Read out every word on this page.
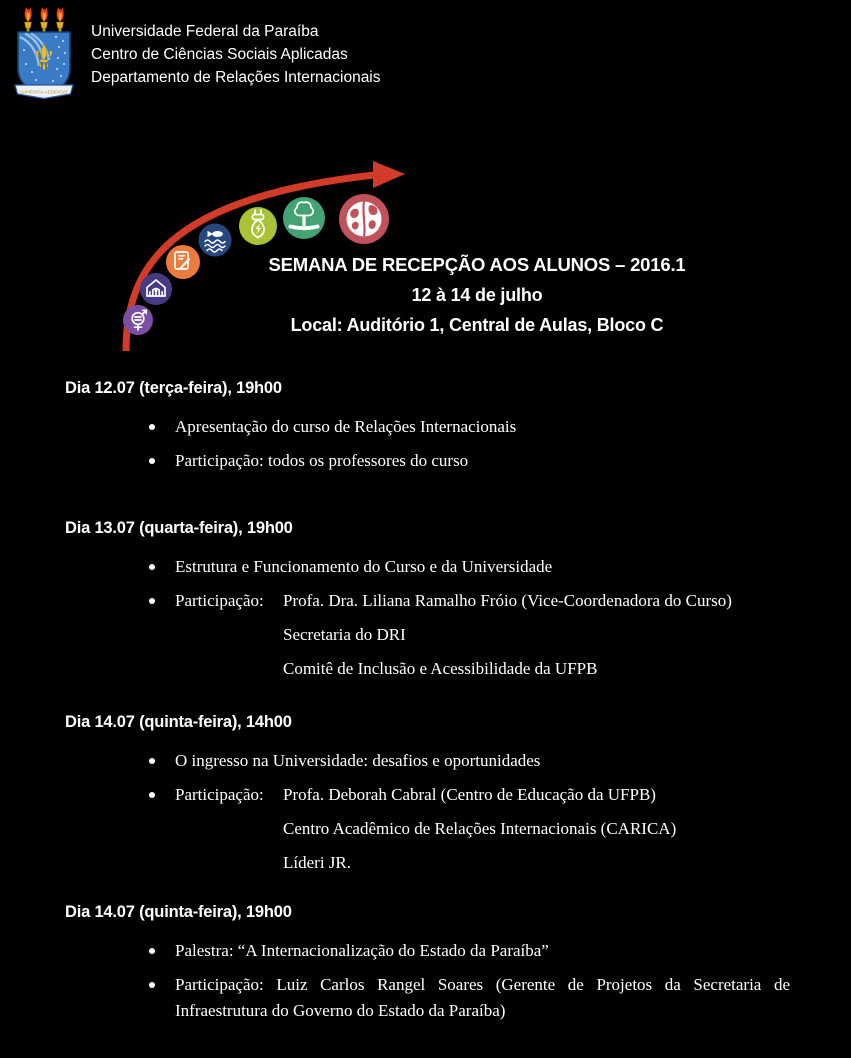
SAPIENTIA AEDIFICAT
Universidade Federal da Paraíba
Centro de Ciências Sociais Aplicadas
Departamento de Relações Internacionais
SEMANA DE RECEPÇÃO AOS ALUNOS – 2016.1
12 à 14 de julho
Local: Auditório 1, Central de Aulas, Bloco C
Dia 12.07 (terça-feira), 19h00
Apresentação do curso de Relações Internacionais
Participação: todos os professores do curso
Dia 13.07 (quarta-feira), 19h00
Estrutura e Funcionamento do Curso e da Universidade
Participação:	Profa. Dra. Liliana Ramalho Fróio (Vice-Coordenadora do Curso)
Secretaria do DRI
Comitê de Inclusão e Acessibilidade da UFPB
Dia 14.07 (quinta-feira), 14h00
O ingresso na Universidade: desafios e oportunidades
Participação:	Profa. Deborah Cabral (Centro de Educação da UFPB)
Centro Acadêmico de Relações Internacionais (CARICA)
Líderi JR.
Dia 14.07 (quinta-feira), 19h00
Palestra: “A Internacionalização do Estado da Paraíba”
Participação: Luiz Carlos Rangel Soares (Gerente de Projetos da Secretaria de Infraestrutura do Governo do Estado da Paraíba)
